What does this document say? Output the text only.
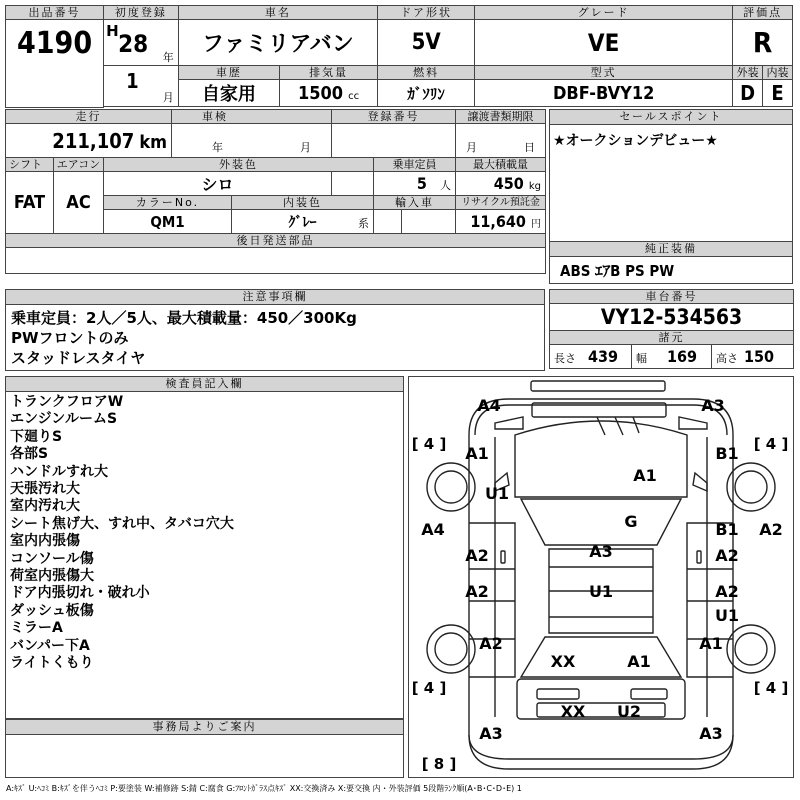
出品番号	初度登録	車名		ドア形状	グレード	評価点	

4190	H 28 年	ファミリアバン		5V	VE	R	

	1
月	車歴	排気量	燃料	型式	外装	内装
		自家用	1500 cc	ｶﾞｿﾘﾝ	DBF-BVY12	D	E

走行			車検		登録番号			譲渡書類期限
211,107 km			年 月					月 日

シフト	エアコン	外装色				乗車定員		最大積載量
FAT	AC	シロ				5 人		450 kg
		カラーNo.		内装色		輸入車		リサイクル預託金
		QM1		ｸﾞﾚｰ 系				11,640 円
後日発送部品								

セールスポイント
★オークションデビュー★
純正装備
ABS ｴｱB PS PW
注意事項欄
乗車定員：2人／5人、最大積載量：450／300Kg
PWフロントのみ
スタッドレスタイヤ
車台番号
VY12-534563
諸元
長さ 439	幅 169	高さ 150
検査員記入欄
トランクフロアW
エンジンルームS
下廻りS
各部S
ハンドルすれ大
天張汚れ大
室内汚れ大
シート焦げ大、すれ中、タバコ穴大
室内内張傷
コンソール傷
荷室内張傷大
ドア内張切れ・破れ小
ダッシュ板傷
ミラーA
バンパー下A
ライトくもり
事務局よりご案内
A4	A3
A1	B1
U1
A1
G
A4
A2	A3
B1
A2
A2
A2	U1	A2
U1
A2	A1
XX	A1
XX U2
A3	A3
[ 4 ]	[ 4 ]
[ 4 ]	[ 4 ]
[ 8 ]
A:ｷｽﾞ U:ﾍｺﾐ B:ｷｽﾞを伴うﾍｺﾐ P:要塗装 W:補修跡 S:錆 C:腐食 G:ﾌﾛﾝﾄｶﾞﾗｽ点ｷｽﾞ XX:交換済み X:要交換 内・外装評価 5段階ﾗﾝｸ順(A･B･C･D･E) 1
